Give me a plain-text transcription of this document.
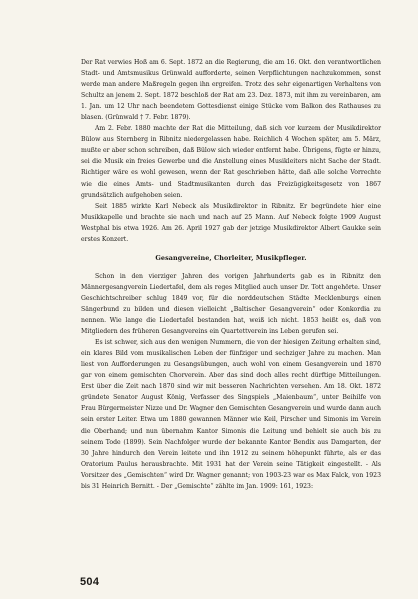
Der Rat verwies Hoß am 6. Sept. 1872 an die Regierung, die am 16. Okt. den verantwortlichen Stadt- und Amtsmusikus Grünwald aufforderte, seinen Verpflichtungen nachzukommen, sonst werde man andere Maßregeln gegen ihn ergreifen. Trotz des sehr eigenartigen Verhaltens von Schultz an jenem 2. Sept. 1872 beschloß der Rat am 23. Dez. 1873, mit ihm zu vereinbaren, am 1. Jan. um 12 Uhr nach beendetem Gottesdienst einige Stücke vom Balkon des Rathauses zu blasen. (Grünwald † 7. Febr. 1879).

Am 2. Febr. 1880 machte der Rat die Mitteilung, daß sich vor kurzem der Musikdirektor Bülow aus Sternberg in Ribnitz niedergelassen habe. Reichlich 4 Wochen später, am 5. März, mußte er aber schon schreiben, daß Bülow sich wieder entfernt habe. Übrigens, fügte er hinzu, sei die Musik ein freies Gewerbe und die Anstellung eines Musikleiters nicht Sache der Stadt. Richtiger wäre es wohl gewesen, wenn der Rat geschrieben hätte, daß alle solche Vorrechte wie die eines Amts- und Stadtmusikanten durch das Freizügigkeitsgesetz von 1867 grundsätzlich aufgehoben seien.

Seit 1885 wirkte Karl Nebeck als Musikdirektor in Ribnitz. Er begründete hier eine Musikkapelle und brachte sie nach und nach auf 25 Mann. Auf Nebeck folgte 1909 August Westphal bis etwa 1926. Am 26. April 1927 gab der jetzige Musikdirektor Albert Gaukke sein erstes Konzert.

Gesangvereine, Chorleiter, Musikpfleger.

Schon in den vierziger Jahren des vorigen Jahrhunderts gab es in Ribnitz den Männergesangverein Liedertafel, dem als reges Mitglied auch unser Dr. Tott angehörte. Unser Geschichtschreiber schlug 1849 vor, für die norddeutschen Städte Mecklenburgs einen Sängerbund zu bilden und diesen vielleicht „Baltischer Gesangverein“ oder Konkordia zu nennen. Wie lange die Liedertafel bestanden hat, weiß ich nicht. 1853 heißt es, daß von Mitgliedern des früheren Gesangvereins ein Quartettverein ins Leben gerufen sei.

Es ist schwer, sich aus den wenigen Nummern, die von der hiesigen Zeitung erhalten sind, ein klares Bild vom musikalischen Leben der fünfziger und sechziger Jahre zu machen. Man liest von Aufforderungen zu Gesangsübungen, auch wohl von einem Gesangverein und 1870 gar von einem gemischten Chorverein. Aber das sind doch alles recht dürftige Mitteilungen. Erst über die Zeit nach 1870 sind wir mit besseren Nachrichten versehen. Am 18. Okt. 1872 gründete Senator August König, Verfasser des Singspiels „Maienbaum“, unter Beihilfe von Frau Bürgermeister Nizze und Dr. Wagner den Gemischten Gesangverein und wurde dann auch sein erster Leiter. Etwa um 1880 gewannen Männer wie Keil, Pirscher und Simonis im Verein die Oberhand; und nun übernahm Kantor Simonis die Leitung und behielt sie auch bis zu seinem Tode (1899). Sein Nachfolger wurde der bekannte Kantor Bendix aus Damgarten, der 30 Jahre hindurch den Verein leitete und ihn 1912 zu seinem höhepunkt führte, als er das Oratorium Paulus herausbrachte. Mit 1931 hat der Verein seine Tätigkeit eingestellt. - Als Vorsitzer des „Gemischten“ wird Dr. Wagner genannt; von 1903-23 war es Max Falck, von 1923 bis 31 Heinrich Bernitt. - Der „Gemischte“ zählte im Jan. 1909: 161, 1923:

504
